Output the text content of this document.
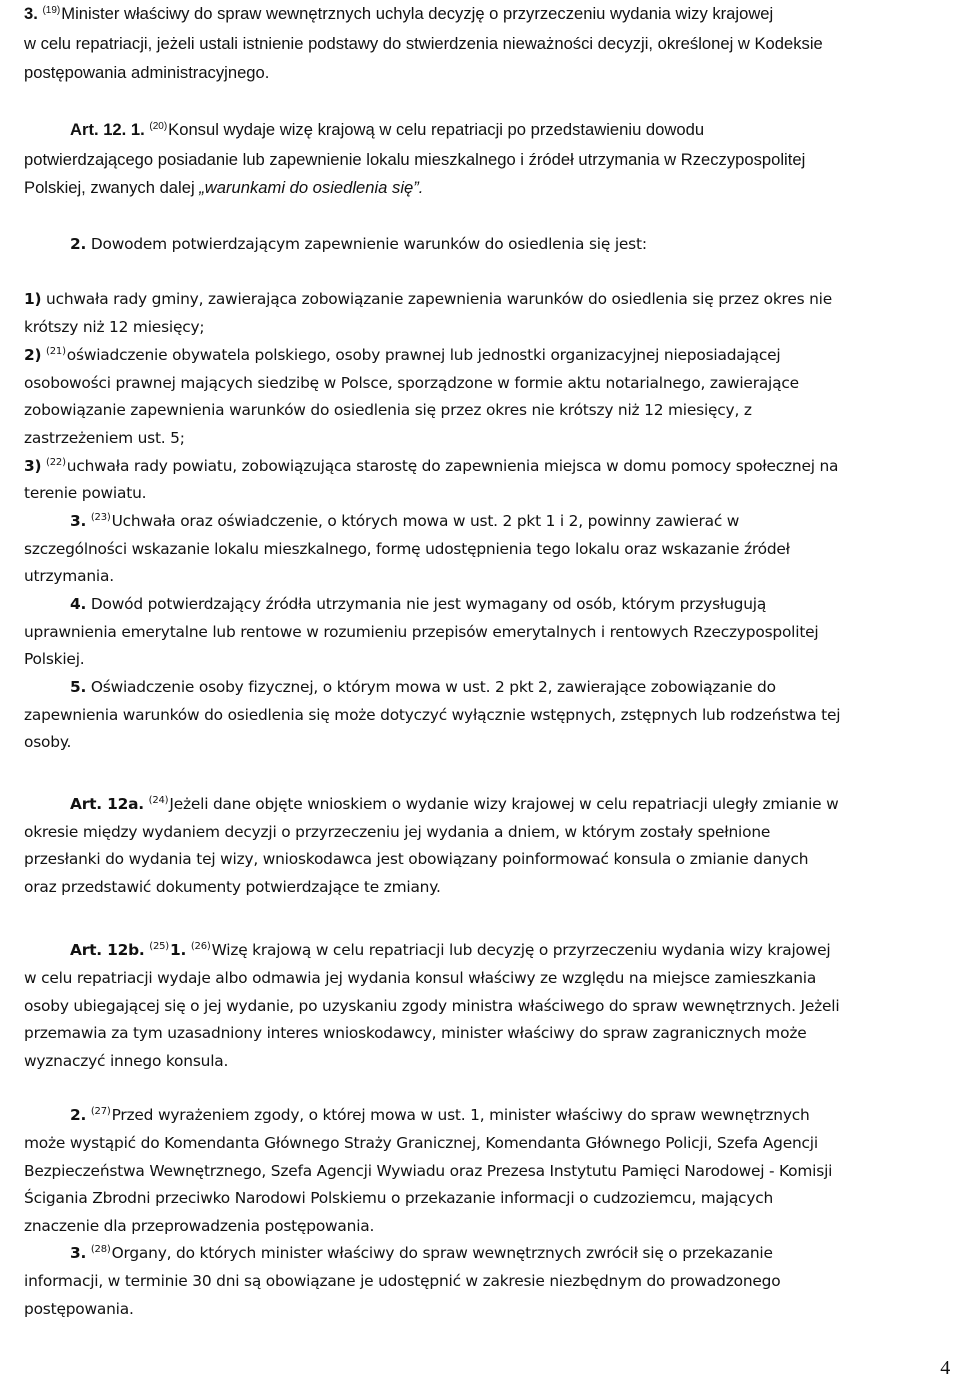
3. $^{(19)}$Minister właściwy do spraw wewnętrznych uchyla decyzję o przyrzeczeniu wydania wizy krajowej
w celu repatriacji, jeżeli ustali istnienie podstawy do stwierdzenia nieważności decyzji, określonej w Kodeksie
postępowania administracyjnego.
Art. 12. 1. $^{(20)}$Konsul wydaje wizę krajową w celu repatriacji po przedstawieniu dowodu
potwierdzającego posiadanie lub zapewnienie lokalu mieszkalnego i źródeł utrzymania w Rzeczypospolitej
Polskiej, zwanych dalej „warunkami do osiedlenia się”.
2. Dowodem potwierdzającym zapewnienie warunków do osiedlenia się jest:
1) uchwała rady gminy, zawierająca zobowiązanie zapewnienia warunków do osiedlenia się przez okres nie
krótszy niż 12 miesięcy;
2) $^{(21)}$oświadczenie obywatela polskiego, osoby prawnej lub jednostki organizacyjnej nieposiadającej
osobowości prawnej mających siedzibę w Polsce, sporządzone w formie aktu notarialnego, zawierające
zobowiązanie zapewnienia warunków do osiedlenia się przez okres nie krótszy niż 12 miesięcy, z
zastrzeżeniem ust. 5;
3) $^{(22)}$uchwała rady powiatu, zobowiązująca starostę do zapewnienia miejsca w domu pomocy społecznej na
terenie powiatu.
3. $^{(23)}$Uchwała oraz oświadczenie, o których mowa w ust. 2 pkt 1 i 2, powinny zawierać w
szczególności wskazanie lokalu mieszkalnego, formę udostępnienia tego lokalu oraz wskazanie źródeł
utrzymania.
4. Dowód potwierdzający źródła utrzymania nie jest wymagany od osób, którym przysługują
uprawnienia emerytalne lub rentowe w rozumieniu przepisów emerytalnych i rentowych Rzeczypospolitej
Polskiej.
5. Oświadczenie osoby fizycznej, o którym mowa w ust. 2 pkt 2, zawierające zobowiązanie do
zapewnienia warunków do osiedlenia się może dotyczyć wyłącznie wstępnych, zstępnych lub rodzeństwa tej
osoby.
Art. 12a. $^{(24)}$Jeżeli dane objęte wnioskiem o wydanie wizy krajowej w celu repatriacji uległy zmianie w
okresie między wydaniem decyzji o przyrzeczeniu jej wydania a dniem, w którym zostały spełnione
przesłanki do wydania tej wizy, wnioskodawca jest obowiązany poinformować konsula o zmianie danych
oraz przedstawić dokumenty potwierdzające te zmiany.
Art. 12b. $^{(25)}$1. $^{(26)}$Wizę krajową w celu repatriacji lub decyzję o przyrzeczeniu wydania wizy krajowej
w celu repatriacji wydaje albo odmawia jej wydania konsul właściwy ze względu na miejsce zamieszkania
osoby ubiegającej się o jej wydanie, po uzyskaniu zgody ministra właściwego do spraw wewnętrznych. Jeżeli
przemawia za tym uzasadniony interes wnioskodawcy, minister właściwy do spraw zagranicznych może
wyznaczyć innego konsula.
2. $^{(27)}$Przed wyrażeniem zgody, o której mowa w ust. 1, minister właściwy do spraw wewnętrznych
może wystąpić do Komendanta Głównego Straży Granicznej, Komendanta Głównego Policji, Szefa Agencji
Bezpieczeństwa Wewnętrznego, Szefa Agencji Wywiadu oraz Prezesa Instytutu Pamięci Narodowej - Komisji
Ścigania Zbrodni przeciwko Narodowi Polskiemu o przekazanie informacji o cudzoziemcu, mających
znaczenie dla przeprowadzenia postępowania.
3. $^{(28)}$Organy, do których minister właściwy do spraw wewnętrznych zwrócił się o przekazanie
informacji, w terminie 30 dni są obowiązane je udostępnić w zakresie niezbędnym do prowadzonego
postępowania.
4
